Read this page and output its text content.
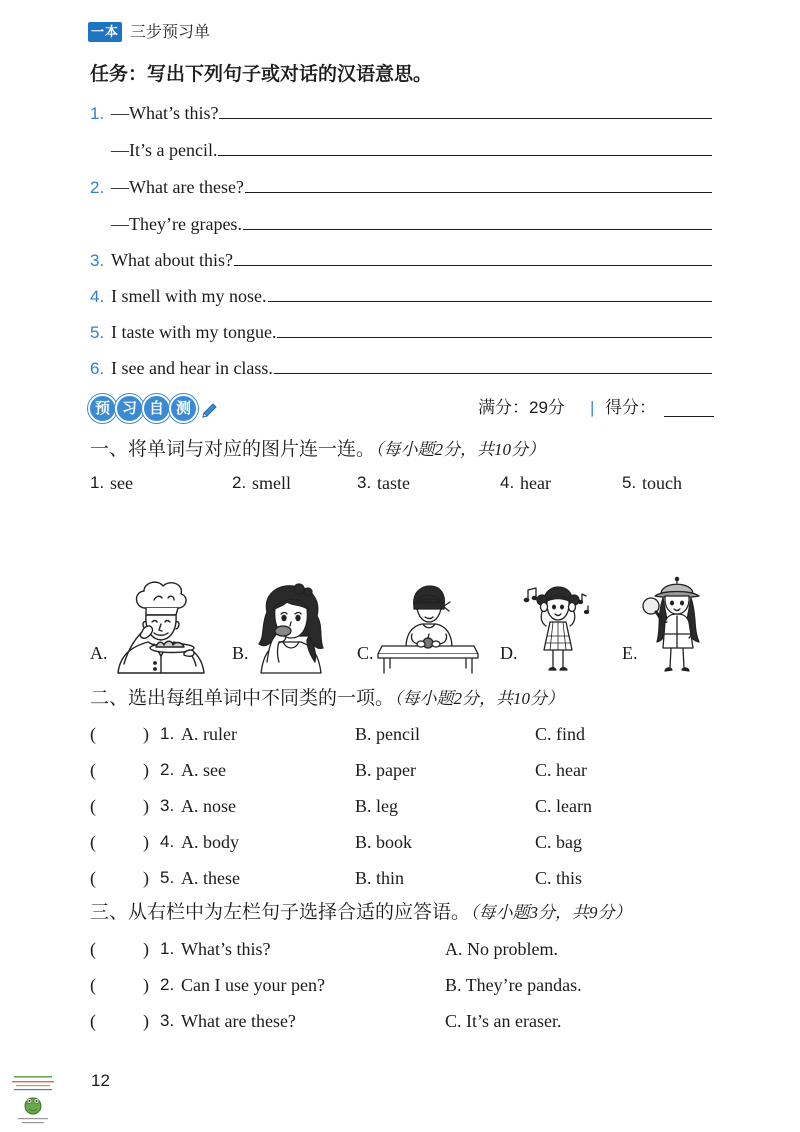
一本 三步预习单
任务：写出下列句子或对话的汉语意思。
1. —What’s this?
—It’s a pencil.
2. —What are these?
—They’re grapes.
3. What about this?
4. I smell with my nose.
5. I taste with my tongue.
6. I see and hear in class.
预 习 自 测	满分：29分 | 得分：
一、将单词与对应的图片连一连。（每小题2分，共10分）
1. see	2. smell	3. taste	4. hear	5. touch
A.	B.	C.	D.	E.
二、选出每组单词中不同类的一项。（每小题2分，共10分）
(	) 1. A. ruler	B. pencil	C. find
(	) 2. A. see	B. paper	C. hear
(	) 3. A. nose	B. leg	C. learn
(	) 4. A. body	B. book	C. bag
(	) 5. A. these	B. thin	C. this
三、从右栏中为左栏句子选择合适的应答语。（每小题3分，共9分）
(	) 1. What’s this?	A. No problem.
(	) 2. Can I use your pen?	B. They’re pandas.
(	) 3. What are these?	C. It’s an eraser.
12
